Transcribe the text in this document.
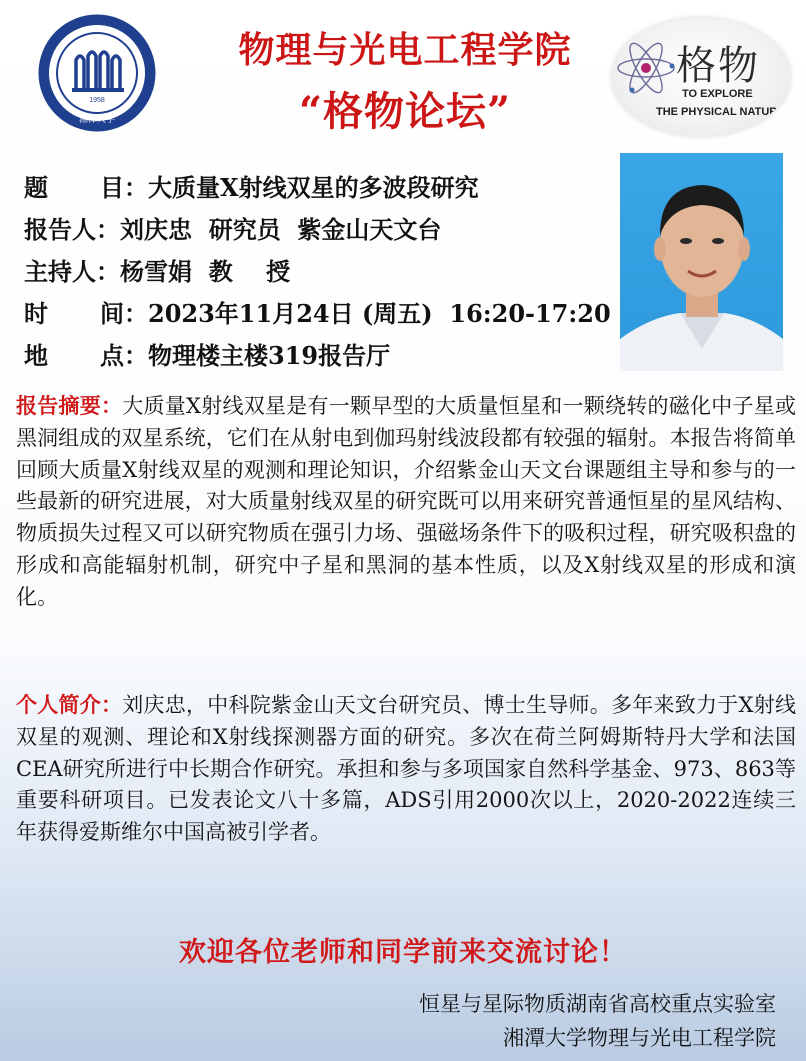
XIANGTAN UNIVERSITY
1958
湘潭大学
物理与光电工程学院
“格物论坛”
格物
TO EXPLORE
THE PHYSICAL NATURE
题 目 ：大质量X射线双星的多波段研究
报告人：刘庆忠  研究员  紫金山天文台
主持人：杨雪娟  教    授
时 间 ：2023年11月24日 (周五)  16:20-17:20
地 点 ：物理楼主楼319报告厅
报告摘要：大质量X射线双星是有一颗早型的大质量恒星和一颗绕转的磁化中子星或黑洞组成的双星系统，它们在从射电到伽玛射线波段都有较强的辐射。本报告将简单回顾大质量X射线双星的观测和理论知识，介绍紫金山天文台课题组主导和参与的一些最新的研究进展，对大质量射线双星的研究既可以用来研究普通恒星的星风结构、物质损失过程又可以研究物质在强引力场、强磁场条件下的吸积过程，研究吸积盘的形成和高能辐射机制，研究中子星和黑洞的基本性质，以及X射线双星的形成和演化。
个人简介：刘庆忠，中科院紫金山天文台研究员、博士生导师。多年来致力于X射线双星的观测、理论和X射线探测器方面的研究。多次在荷兰阿姆斯特丹大学和法国CEA研究所进行中长期合作研究。承担和参与多项国家自然科学基金、973、863等重要科研项目。已发表论文八十多篇，ADS引用2000次以上，2020-2022连续三年获得爱斯维尔中国高被引学者。
欢迎各位老师和同学前来交流讨论！
恒星与星际物质湖南省高校重点实验室
湘潭大学物理与光电工程学院
